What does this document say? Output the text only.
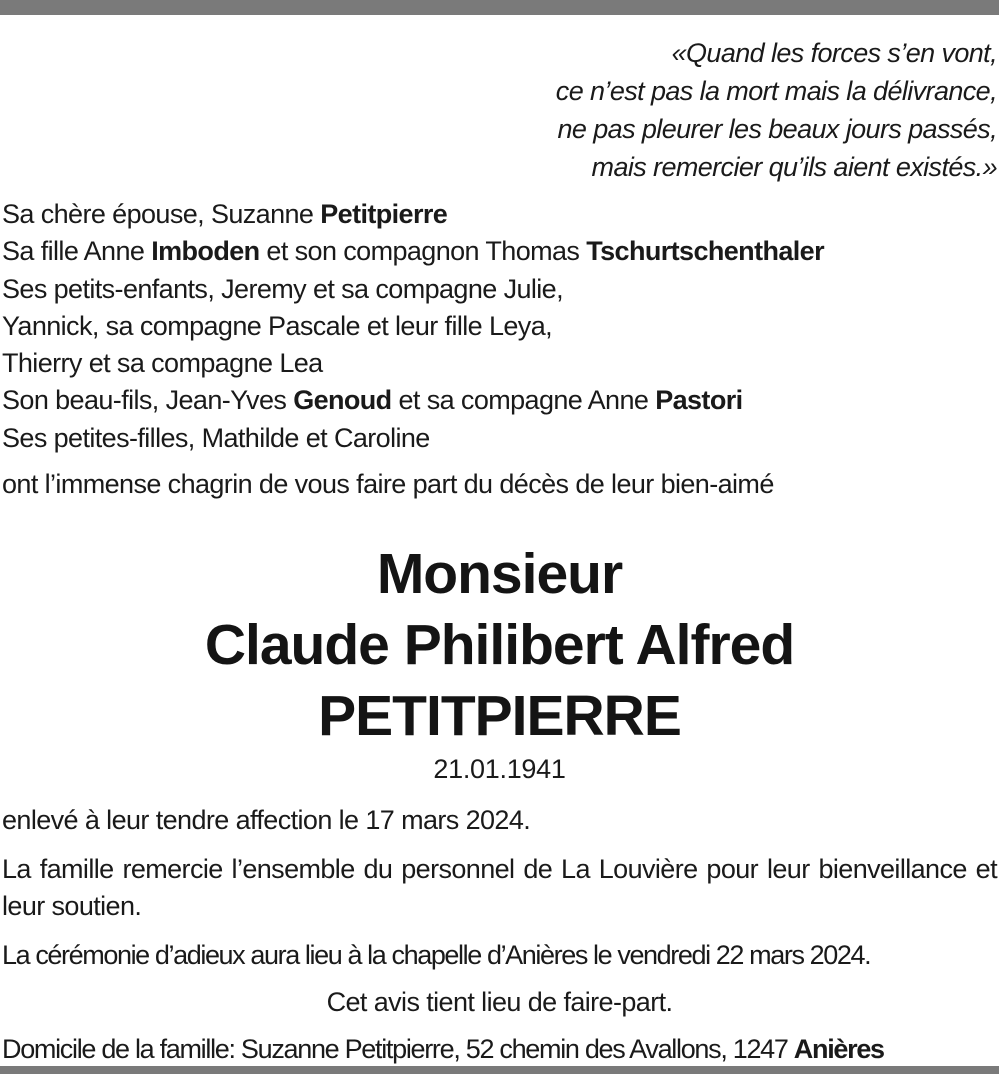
«Quand les forces s’en vont,
ce n’est pas la mort mais la délivrance,
ne pas pleurer les beaux jours passés,
mais remercier qu’ils aient existés.»
Sa chère épouse, Suzanne Petitpierre
Sa fille Anne Imboden et son compagnon Thomas Tschurtschenthaler
Ses petits-enfants, Jeremy et sa compagne Julie,
Yannick, sa compagne Pascale et leur fille Leya,
Thierry et sa compagne Lea
Son beau-fils, Jean-Yves Genoud et sa compagne Anne Pastori
Ses petites-filles, Mathilde et Caroline
ont l’immense chagrin de vous faire part du décès de leur bien-aimé
Monsieur
Claude Philibert Alfred
PETITPIERRE
21.01.1941
enlevé à leur tendre affection le 17 mars 2024.
La famille remercie l’ensemble du personnel de La Louvière pour leur bienveillance et leur soutien.
La cérémonie d’adieux aura lieu à la chapelle d’Anières le vendredi 22 mars 2024.
Cet avis tient lieu de faire-part.
Domicile de la famille: Suzanne Petitpierre, 52 chemin des Avallons, 1247 Anières
